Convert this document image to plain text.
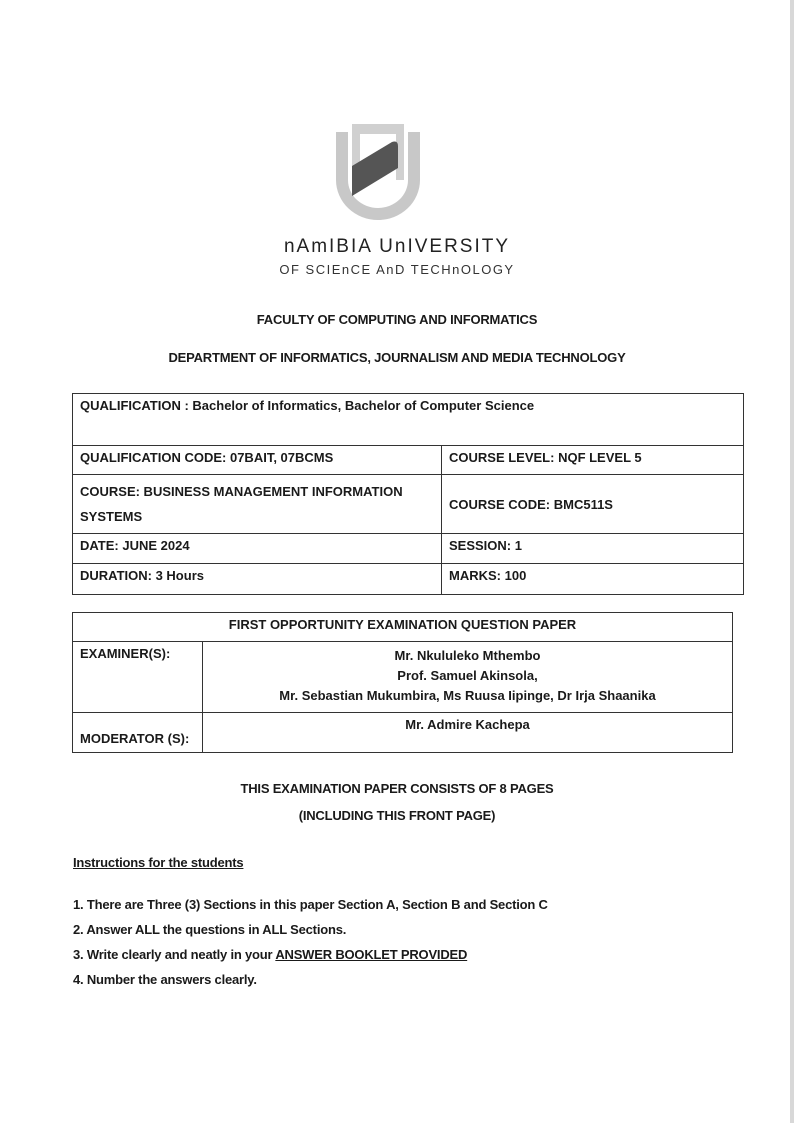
nAmIBIA UnIVERSITY
OF SCIEnCE AnD TECHnOLOGY
FACULTY OF COMPUTING AND INFORMATICS
DEPARTMENT OF INFORMATICS, JOURNALISM AND MEDIA TECHNOLOGY
QUALIFICATION : Bachelor of Informatics, Bachelor of Computer Science	
QUALIFICATION CODE: 07BAIT, 07BCMS	COURSE LEVEL: NQF LEVEL 5
COURSE: BUSINESS MANAGEMENT INFORMATION SYSTEMS	COURSE CODE: BMC511S
DATE: JUNE 2024	SESSION: 1
DURATION: 3 Hours	MARKS: 100
FIRST OPPORTUNITY EXAMINATION QUESTION PAPER	
EXAMINER(S):	Mr. Nkululeko Mthembo
Prof. Samuel Akinsola,
Mr. Sebastian Mukumbira, Ms Ruusa Iipinge, Dr Irja Shaanika

MODERATOR (S):	Mr. Admire Kachepa
THIS EXAMINATION PAPER CONSISTS OF 8 PAGES
(INCLUDING THIS FRONT PAGE)
Instructions for the students
1. There are Three (3) Sections in this paper Section A, Section B and Section C
2. Answer ALL the questions in ALL Sections.
3. Write clearly and neatly in your ANSWER BOOKLET PROVIDED
4. Number the answers clearly.
